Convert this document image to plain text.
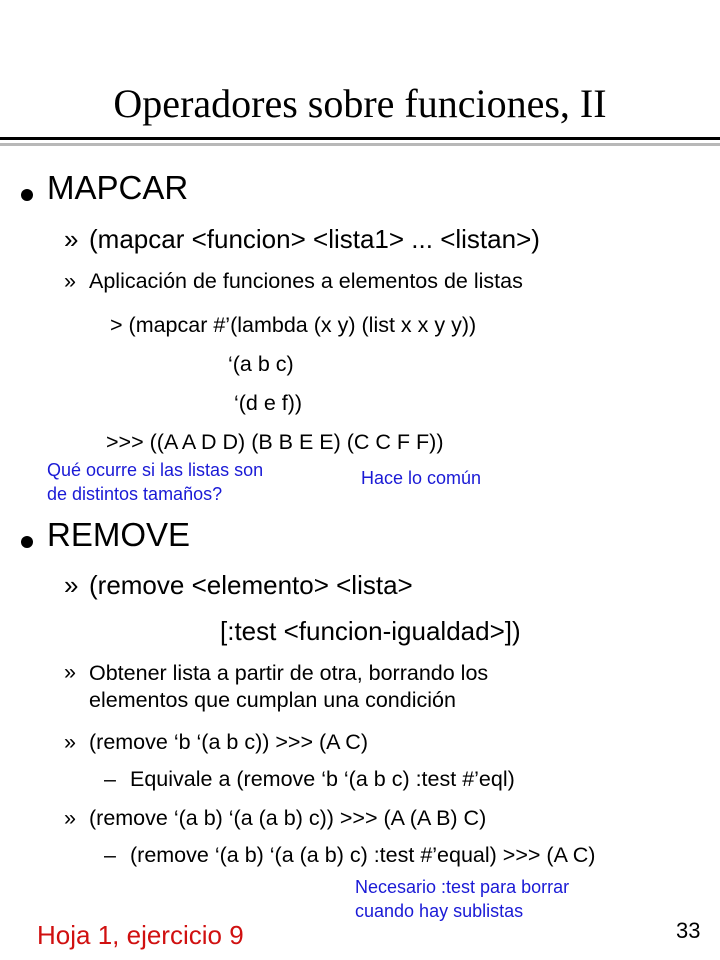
Operadores sobre funciones, II
MAPCAR
» (mapcar <funcion> <lista1> ... <listan>)
» Aplicación de funciones a elementos de listas
> (mapcar #’(lambda (x y) (list x x y y))
‘(a b c)
‘(d e f))
>>> ((A A D D) (B B E E) (C C F F))
Qué ocurre si las listas son
de distintos tamaños?
Hace lo común
REMOVE
» (remove <elemento> <lista>
[:test <funcion-igualdad>])
» Obtener lista a partir de otra, borrando los
elementos que cumplan una condición
» (remove ‘b ‘(a b c)) >>> (A C)
– Equivale a (remove ‘b ‘(a b c) :test #’eql)
» (remove ‘(a b) ‘(a (a b) c)) >>> (A (A B) C)
– (remove ‘(a b) ‘(a (a b) c) :test #’equal) >>> (A C)
Necesario :test para borrar
cuando hay sublistas
Hoja 1, ejercicio 9	33
